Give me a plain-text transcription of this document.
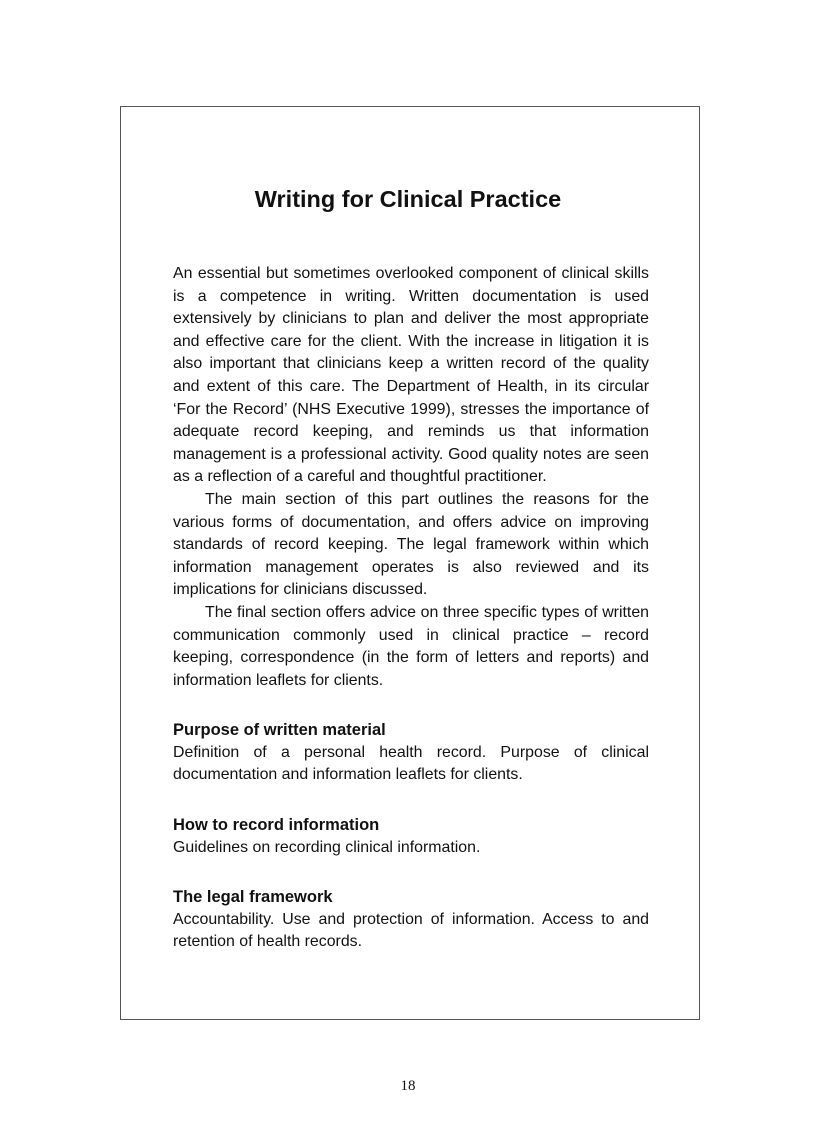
Writing for Clinical Practice

An essential but sometimes overlooked component of clinical skills is a competence in writing. Written documentation is used extensively by clinicians to plan and deliver the most appropriate and effective care for the client. With the increase in litigation it is also important that clinicians keep a written record of the quality and extent of this care. The Department of Health, in its circular ‘For the Record’ (NHS Executive 1999), stresses the importance of adequate record keeping, and reminds us that information management is a professional activity. Good quality notes are seen as a reflection of a careful and thoughtful practitioner.

The main section of this part outlines the reasons for the various forms of documentation, and offers advice on improving standards of record keeping. The legal framework within which information management operates is also reviewed and its implications for clinicians discussed.

The final section offers advice on three specific types of written communication commonly used in clinical practice – record keeping, correspondence (in the form of letters and reports) and information leaflets for clients.

Purpose of written material

Definition of a personal health record. Purpose of clinical documentation and information leaflets for clients.

How to record information

Guidelines on recording clinical information.

The legal framework

Accountability. Use and protection of information. Access to and retention of health records.

18
